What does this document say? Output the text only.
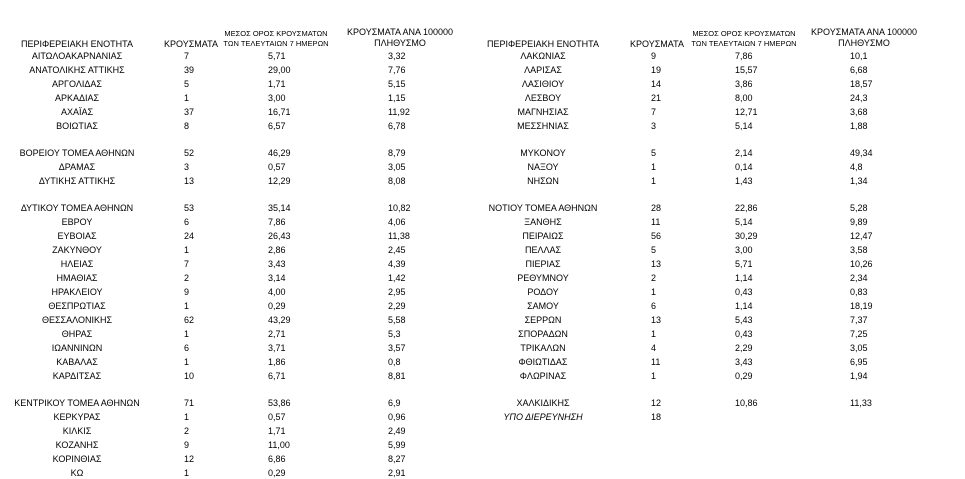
ΠΕΡΙΦΕΡΕΙΑΚΗ ΕΝΟΤΗΤΑ	ΚΡΟΥΣΜΑΤΑ
ΜΕΣΟΣ ΟΡΟΣ ΚΡΟΥΣΜΑΤΩΝ
ΤΩΝ ΤΕΛΕΥΤΑΙΩΝ 7 ΗΜΕΡΩΝ
ΚΡΟΥΣΜΑΤΑ ΑΝΑ 100000
ΠΛΗΘΥΣΜΟ	ΠΕΡΙΦΕΡΕΙΑΚΗ ΕΝΟΤΗΤΑ	ΚΡΟΥΣΜΑΤΑ
ΜΕΣΟΣ ΟΡΟΣ ΚΡΟΥΣΜΑΤΩΝ
ΤΩΝ ΤΕΛΕΥΤΑΙΩΝ 7 ΗΜΕΡΩΝ
ΚΡΟΥΣΜΑΤΑ ΑΝΑ 100000
ΠΛΗΘΥΣΜΟ
ΑΙΤΩΛΟΑΚΑΡΝΑΝΙΑΣ	7	5,71	3,32
ΑΝΑΤΟΛΙΚΗΣ ΑΤΤΙΚΗΣ	39	29,00	7,76
ΑΡΓΟΛΙΔΑΣ	5	1,71	5,15
ΑΡΚΑΔΙΑΣ	1	3,00	1,15
ΑΧΑΪΑΣ	37	16,71	11,92
ΒΟΙΩΤΙΑΣ	8	6,57	6,78
ΒΟΡΕΙΟΥ ΤΟΜΕΑ ΑΘΗΝΩΝ	52	46,29	8,79
ΔΡΑΜΑΣ	3	0,57	3,05
ΔΥΤΙΚΗΣ ΑΤΤΙΚΗΣ	13	12,29	8,08
ΔΥΤΙΚΟΥ ΤΟΜΕΑ ΑΘΗΝΩΝ	53	35,14	10,82
ΕΒΡΟΥ	6	7,86	4,06
ΕΥΒΟΙΑΣ	24	26,43	11,38
ΖΑΚΥΝΘΟΥ	1	2,86	2,45
ΗΛΕΙΑΣ	7	3,43	4,39
ΗΜΑΘΙΑΣ	2	3,14	1,42
ΗΡΑΚΛΕΙΟΥ	9	4,00	2,95
ΘΕΣΠΡΩΤΙΑΣ	1	0,29	2,29
ΘΕΣΣΑΛΟΝΙΚΗΣ	62	43,29	5,58
ΘΗΡΑΣ	1	2,71	5,3
ΙΩΑΝΝΙΝΩΝ	6	3,71	3,57
ΚΑΒΑΛΑΣ	1	1,86	0,8
ΚΑΡΔΙΤΣΑΣ	10	6,71	8,81
ΚΕΝΤΡΙΚΟΥ ΤΟΜΕΑ ΑΘΗΝΩΝ	71	53,86	6,9
ΚΕΡΚΥΡΑΣ	1	0,57	0,96
ΚΙΛΚΙΣ	2	1,71	2,49
ΚΟΖΑΝΗΣ	9	11,00	5,99
ΚΟΡΙΝΘΙΑΣ	12	6,86	8,27
ΚΩ	1	0,29	2,91
ΛΑΚΩΝΙΑΣ	9	7,86	10,1
ΛΑΡΙΣΑΣ	19	15,57	6,68
ΛΑΣΙΘΙΟΥ	14	3,86	18,57
ΛΕΣΒΟΥ	21	8,00	24,3
ΜΑΓΝΗΣΙΑΣ	7	12,71	3,68
ΜΕΣΣΗΝΙΑΣ	3	5,14	1,88
ΜΥΚΟΝΟΥ	5	2,14	49,34
ΝΑΞΟΥ	1	0,14	4,8
ΝΗΣΩΝ	1	1,43	1,34
ΝΟΤΙΟΥ ΤΟΜΕΑ ΑΘΗΝΩΝ	28	22,86	5,28
ΞΑΝΘΗΣ	11	5,14	9,89
ΠΕΙΡΑΙΩΣ	56	30,29	12,47
ΠΕΛΛΑΣ	5	3,00	3,58
ΠΙΕΡΙΑΣ	13	5,71	10,26
ΡΕΘΥΜΝΟΥ	2	1,14	2,34
ΡΟΔΟΥ	1	0,43	0,83
ΣΑΜΟΥ	6	1,14	18,19
ΣΕΡΡΩΝ	13	5,43	7,37
ΣΠΟΡΑΔΩΝ	1	0,43	7,25
ΤΡΙΚΑΛΩΝ	4	2,29	3,05
ΦΘΙΩΤΙΔΑΣ	11	3,43	6,95
ΦΛΩΡΙΝΑΣ	1	0,29	1,94
ΧΑΛΚΙΔΙΚΗΣ	12	10,86	11,33
ΥΠΟ ΔΙΕΡΕΥΝΗΣΗ	18
